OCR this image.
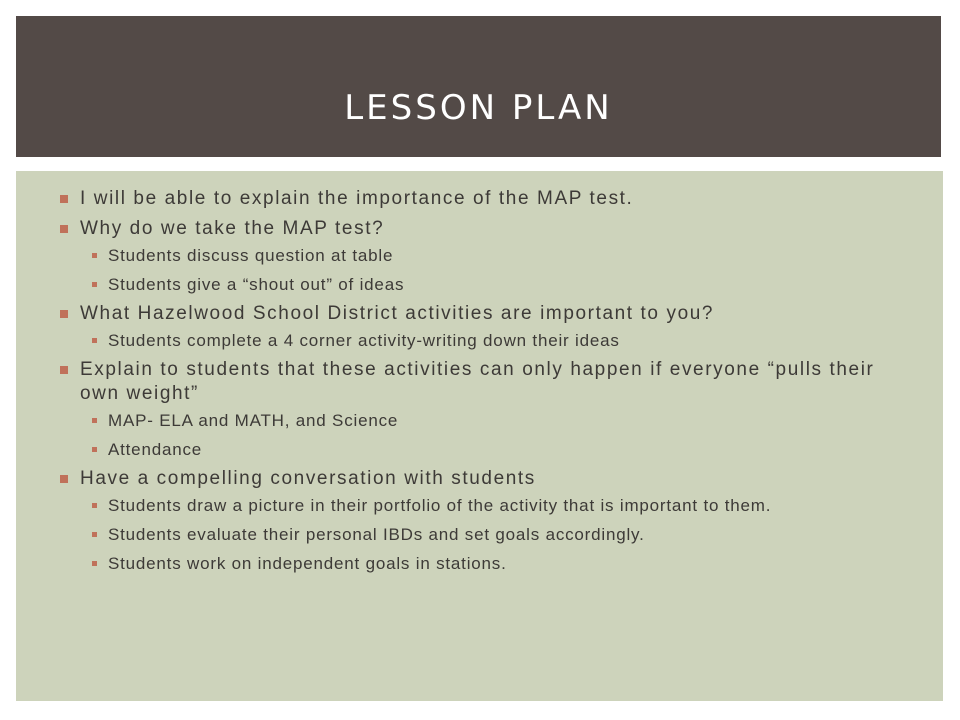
LESSON PLAN
I will be able to explain the importance of the MAP test.
Why do we take the MAP test?
Students discuss question at table
Students give a “shout out” of ideas
What Hazelwood School District activities are important to you?
Students complete a 4 corner activity-writing down their ideas
Explain to students that these activities can only happen if everyone “pulls their own weight”
MAP- ELA and MATH, and Science
Attendance
Have a compelling conversation with students
Students draw a picture in their portfolio of the activity that is important to them.
Students evaluate their personal IBDs and set goals accordingly.
Students work on independent goals in stations.
